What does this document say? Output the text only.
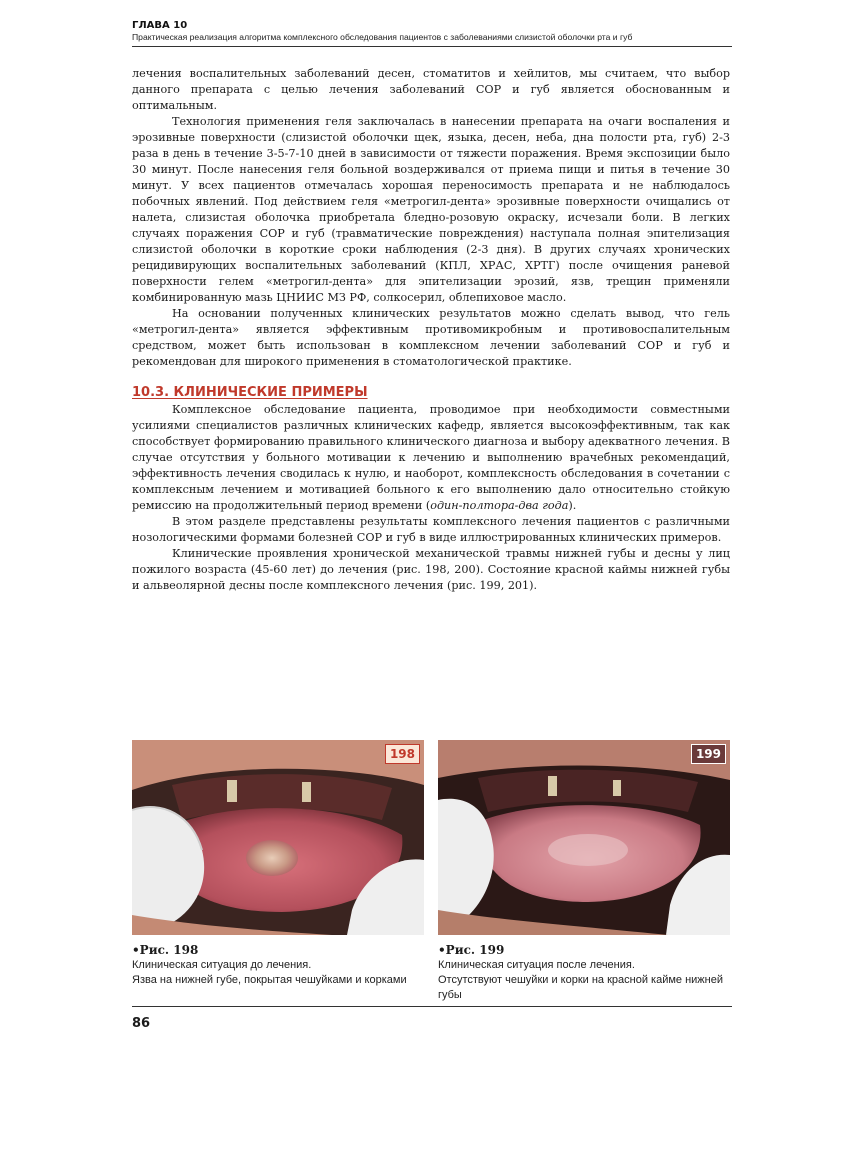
ГЛАВА 10
Практическая реализация алгоритма комплексного обследования пациентов с заболеваниями слизистой оболочки рта и губ

лечения воспалительных заболеваний десен, стоматитов и хейлитов, мы считаем, что выбор данного препарата с целью лечения заболеваний СОР и губ является обоснованным и оптимальным.

Технология применения геля заключалась в нанесении препарата на очаги воспаления и эрозивные поверхности (слизистой оболочки щек, языка, десен, неба, дна полости рта, губ) 2-3 раза в день в течение 3-5-7-10 дней в зависимости от тяжести поражения. Время экспозиции было 30 минут. После нанесения геля больной воздерживался от приема пищи и питья в течение 30 минут. У всех пациентов отмечалась хорошая переносимость препарата и не наблюдалось побочных явлений. Под действием геля «метрогил-дента» эрозивные поверхности очищались от налета, слизистая оболочка приобретала бледно-розовую окраску, исчезали боли. В легких случаях поражения СОР и губ (травматические повреждения) наступала полная эпителизация слизистой оболочки в короткие сроки наблюдения (2-3 дня). В других случаях хронических рецидивирующих воспалительных заболеваний (КПЛ, ХРАС, ХРТГ) после очищения раневой поверхности гелем «метрогил-дента» для эпителизации эрозий, язв, трещин применяли комбинированную мазь ЦНИИС МЗ РФ, солкосерил, облепиховое масло.

На основании полученных клинических результатов можно сделать вывод, что гель «метрогил-дента» является эффективным противомикробным и противовоспалительным средством, может быть использован в комплексном лечении заболеваний СОР и губ и рекомендован для широкого применения в стоматологической практике.

10.3. КЛИНИЧЕСКИЕ ПРИМЕРЫ

Комплексное обследование пациента, проводимое при необходимости совместными усилиями специалистов различных клинических кафедр, является высокоэффективным, так как способствует формированию правильного клинического диагноза и выбору адекватного лечения. В случае отсутствия у больного мотивации к лечению и выполнению врачебных рекомендаций, эффективность лечения сводилась к нулю, и наоборот, комплексность обследования в сочетании с комплексным лечением и мотивацией больного к его выполнению дало относительно стойкую ремиссию на продолжительный период времени (один-полтора-два года).

В этом разделе представлены результаты комплексного лечения пациентов с различными нозологическими формами болезней СОР и губ в виде иллюстрированных клинических примеров.

Клинические проявления хронической механической травмы нижней губы и десны у лиц пожилого возраста (45-60 лет) до лечения (рис. 198, 200). Состояние красной каймы нижней губы и альвеолярной десны после комплексного лечения (рис. 199, 201).

198	199
•Рис. 198
Клиническая ситуация до лечения.
Язва на нижней губе, покрытая чешуйками и корками
•Рис. 199
Клиническая ситуация после лечения.
Отсутствуют чешуйки и корки на красной кайме нижней губы
86
